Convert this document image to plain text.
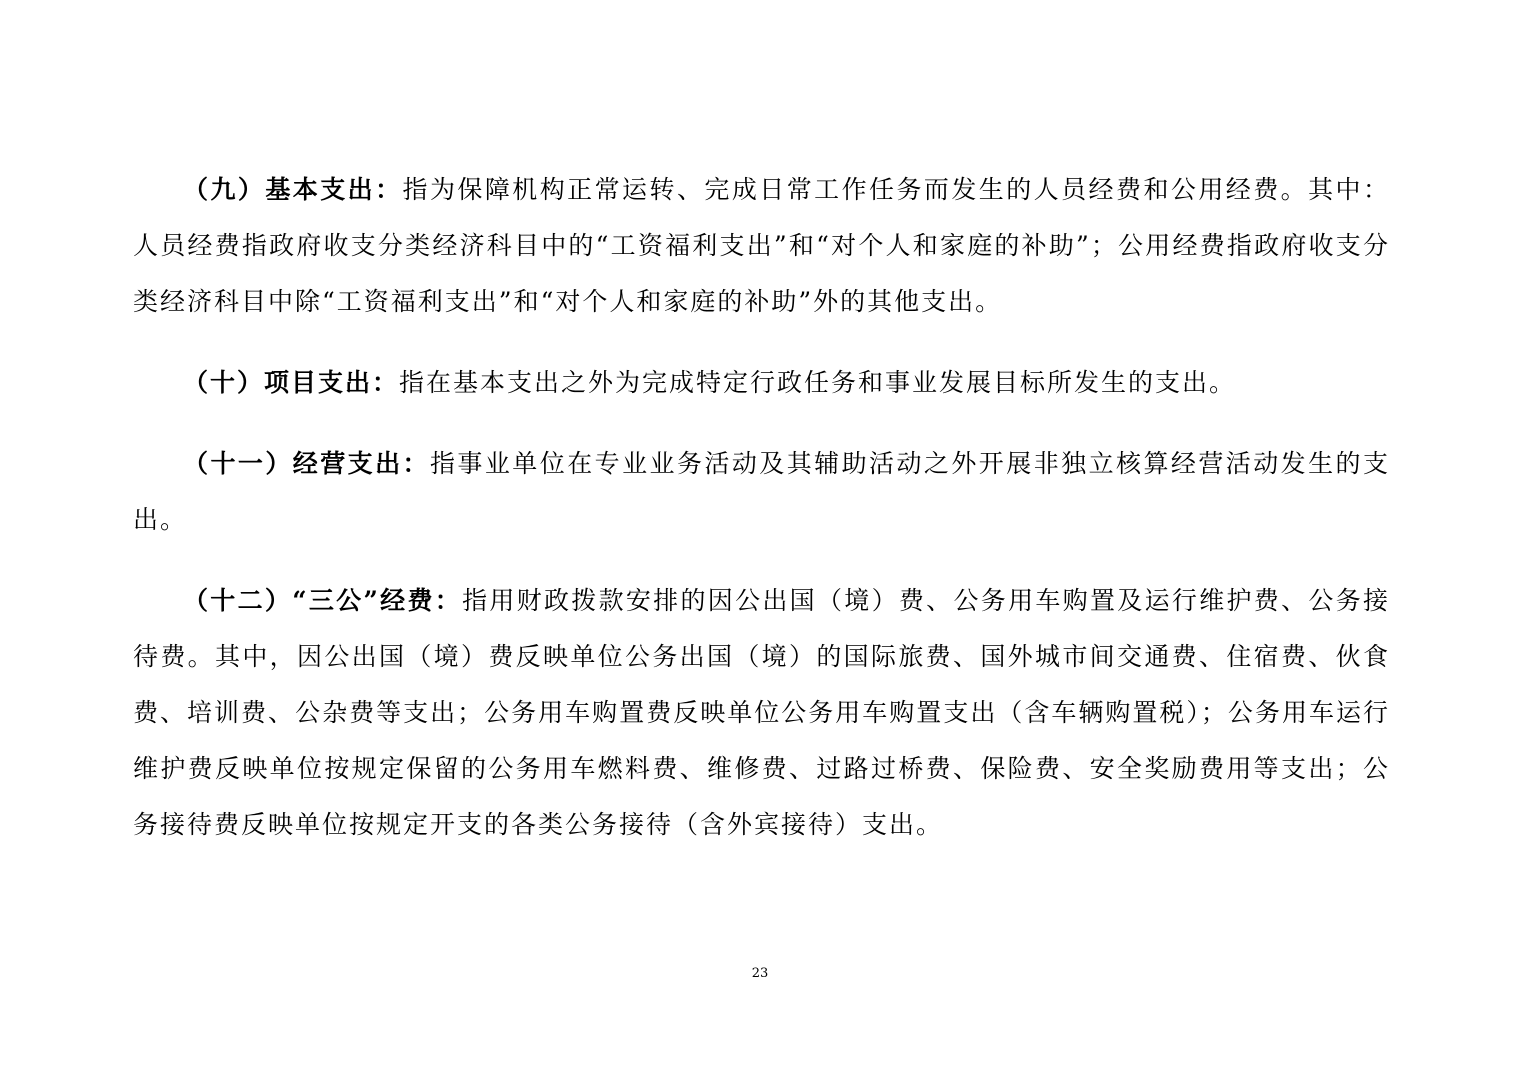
（九）基本支出：指为保障机构正常运转、完成日常工作任务而发生的人员经费和公用经费。其中：人员经费指政府收支分类经济科目中的“工资福利支出”和“对个人和家庭的补助”；公用经费指政府收支分类经济科目中除“工资福利支出”和“对个人和家庭的补助”外的其他支出。

（十）项目支出：指在基本支出之外为完成特定行政任务和事业发展目标所发生的支出。

（十一）经营支出：指事业单位在专业业务活动及其辅助活动之外开展非独立核算经营活动发生的支出。

（十二）“三公”经费：指用财政拨款安排的因公出国（境）费、公务用车购置及运行维护费、公务接待费。其中，因公出国（境）费反映单位公务出国（境）的国际旅费、国外城市间交通费、住宿费、伙食费、培训费、公杂费等支出；公务用车购置费反映单位公务用车购置支出（含车辆购置税）；公务用车运行维护费反映单位按规定保留的公务用车燃料费、维修费、过路过桥费、保险费、安全奖励费用等支出；公务接待费反映单位按规定开支的各类公务接待（含外宾接待）支出。

23
